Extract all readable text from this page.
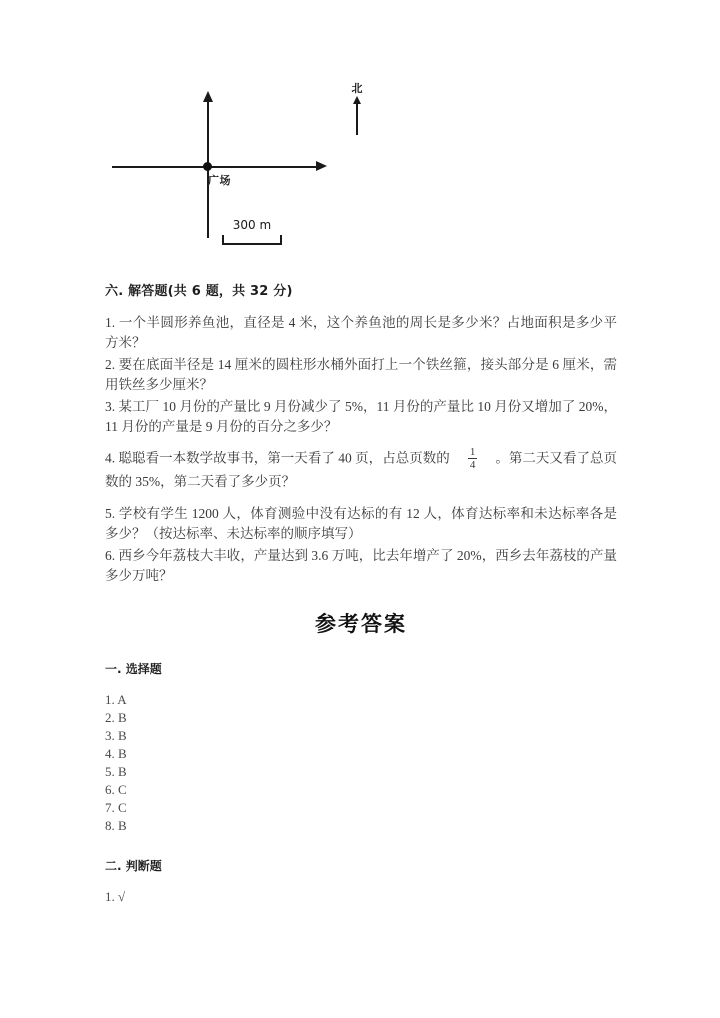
广场
北
300 m
六. 解答题(共 6 题，共 32 分)

1. 一个半圆形养鱼池，直径是 4 米，这个养鱼池的周长是多少米？占地面积是多少平方米？

2. 要在底面半径是 14 厘米的圆柱形水桶外面打上一个铁丝箍，接头部分是 6 厘米，需用铁丝多少厘米？

3. 某工厂 10 月份的产量比 9 月份减少了 5%，11 月份的产量比 10 月份又增加了 20%，11 月份的产量是 9 月份的百分之多少？

4. 聪聪看一本数学故事书，第一天看了 40 页，占总页数的 $\frac{1}{4}$ 。第二天又看了总页数的 35%，第二天看了多少页？

5. 学校有学生 1200 人，体育测验中没有达标的有 12 人，体育达标率和未达标率各是多少？（按达标率、未达标率的顺序填写）

6. 西乡今年荔枝大丰收，产量达到 3.6 万吨，比去年增产了 20%，西乡去年荔枝的产量多少万吨？

参考答案
一. 选择题
1. A
2. B
3. B
4. B
5. B
6. C
7. C
8. B
二. 判断题
1. √
